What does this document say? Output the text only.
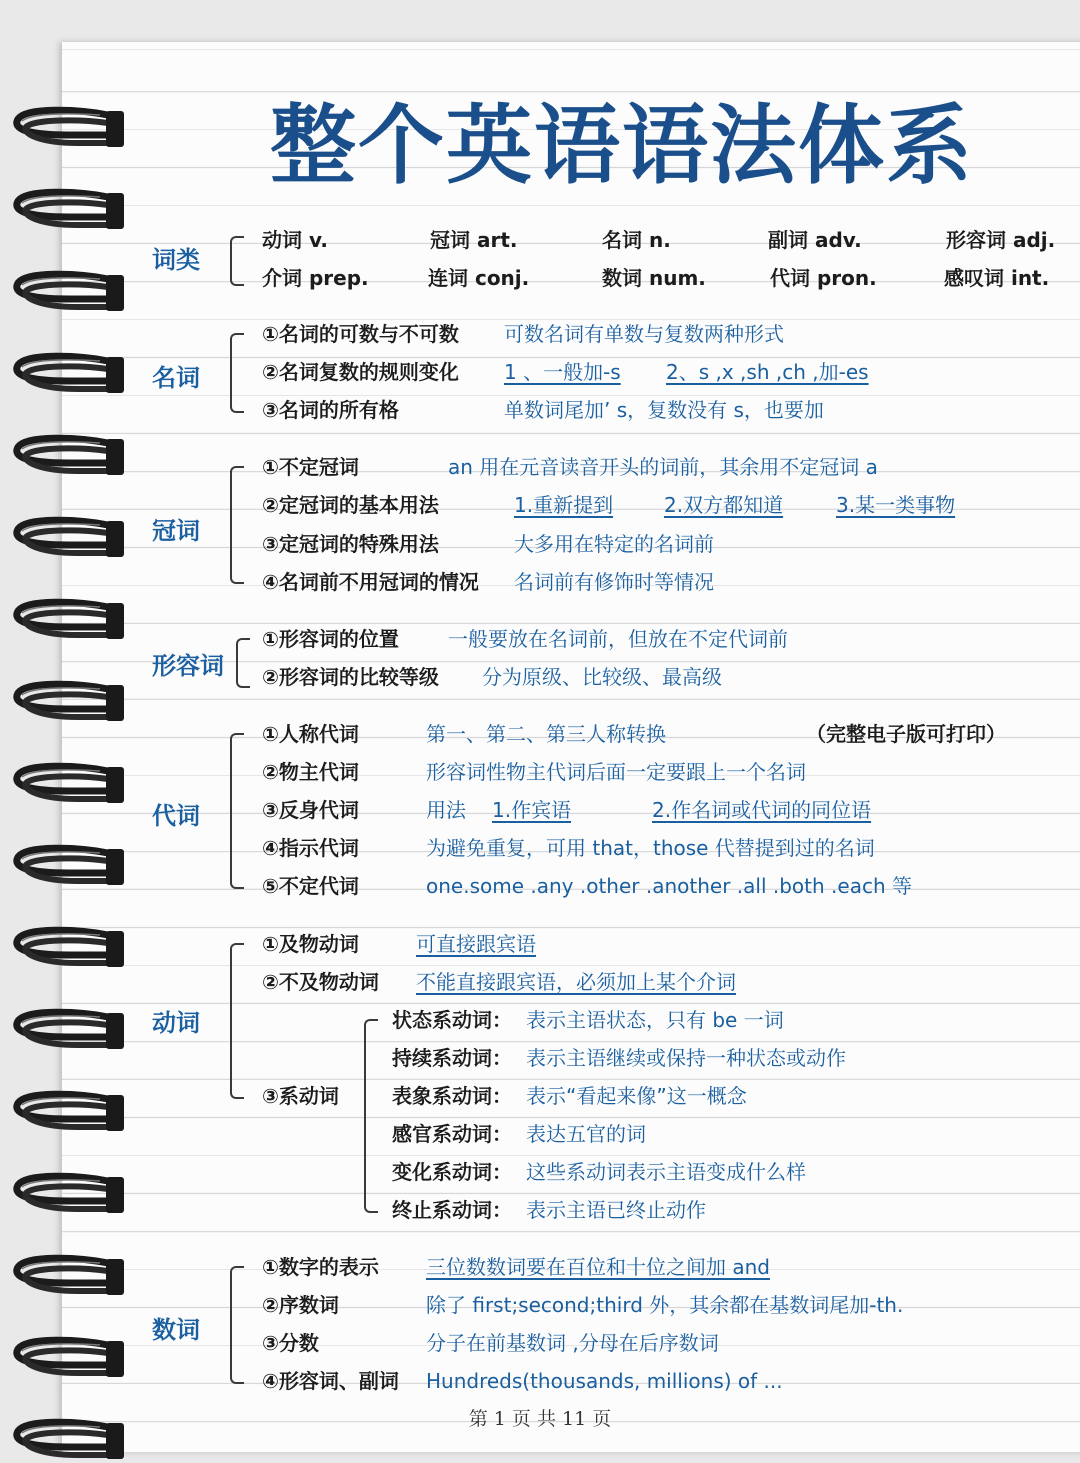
整个英语语法体系
词类
动词 v.	冠词 art.	名词 n.	副词 adv.	形容词 adj.
介词 prep.	连词 conj.	数词 num.	代词 pron.	感叹词 int.
名词
①名词的可数与不可数 可数名词有单数与复数两种形式
②名词复数的规则变化 1 、一般加-s 2、s ,x ,sh ,ch ,加-es
③名词的所有格	单数词尾加’ s，复数没有 s，也要加
冠词
①不定冠词	an 用在元音读音开头的词前，其余用不定冠词 a
②定冠词的基本用法	1.重新提到	2.双方都知道	3.某一类事物
③定冠词的特殊用法	大多用在特定的名词前
④名词前不用冠词的情况 名词前有修饰时等情况
形容词
①形容词的位置 一般要放在名词前，但放在不定代词前
②形容词的比较等级 分为原级、比较级、最高级
代词
①人称代词	第一、第二、第三人称转换	（完整电子版可打印）
②物主代词	形容词性物主代词后面一定要跟上一个名词
③反身代词	用法 1.作宾语	2.作名词或代词的同位语
④指示代词	为避免重复，可用 that，those 代替提到过的名词
⑤不定代词	one.some .any .other .another .all .both .each 等
动词
①及物动词	可直接跟宾语
②不及物动词 不能直接跟宾语，必须加上某个介词
③系动词
状态系动词： 表示主语状态，只有 be 一词
持续系动词： 表示主语继续或保持一种状态或动作
表象系动词： 表示“看起来像”这一概念
感官系动词： 表达五官的词
变化系动词： 这些系动词表示主语变成什么样
终止系动词： 表示主语已终止动作
数词
①数字的表示 三位数数词要在百位和十位之间加 and
②序数词	除了 first;second;third 外，其余都在基数词尾加-th.
③分数	分子在前基数词 ,分母在后序数词
④形容词、副词 Hundreds(thousands, millions) of ...
第 1 页 共 11 页
